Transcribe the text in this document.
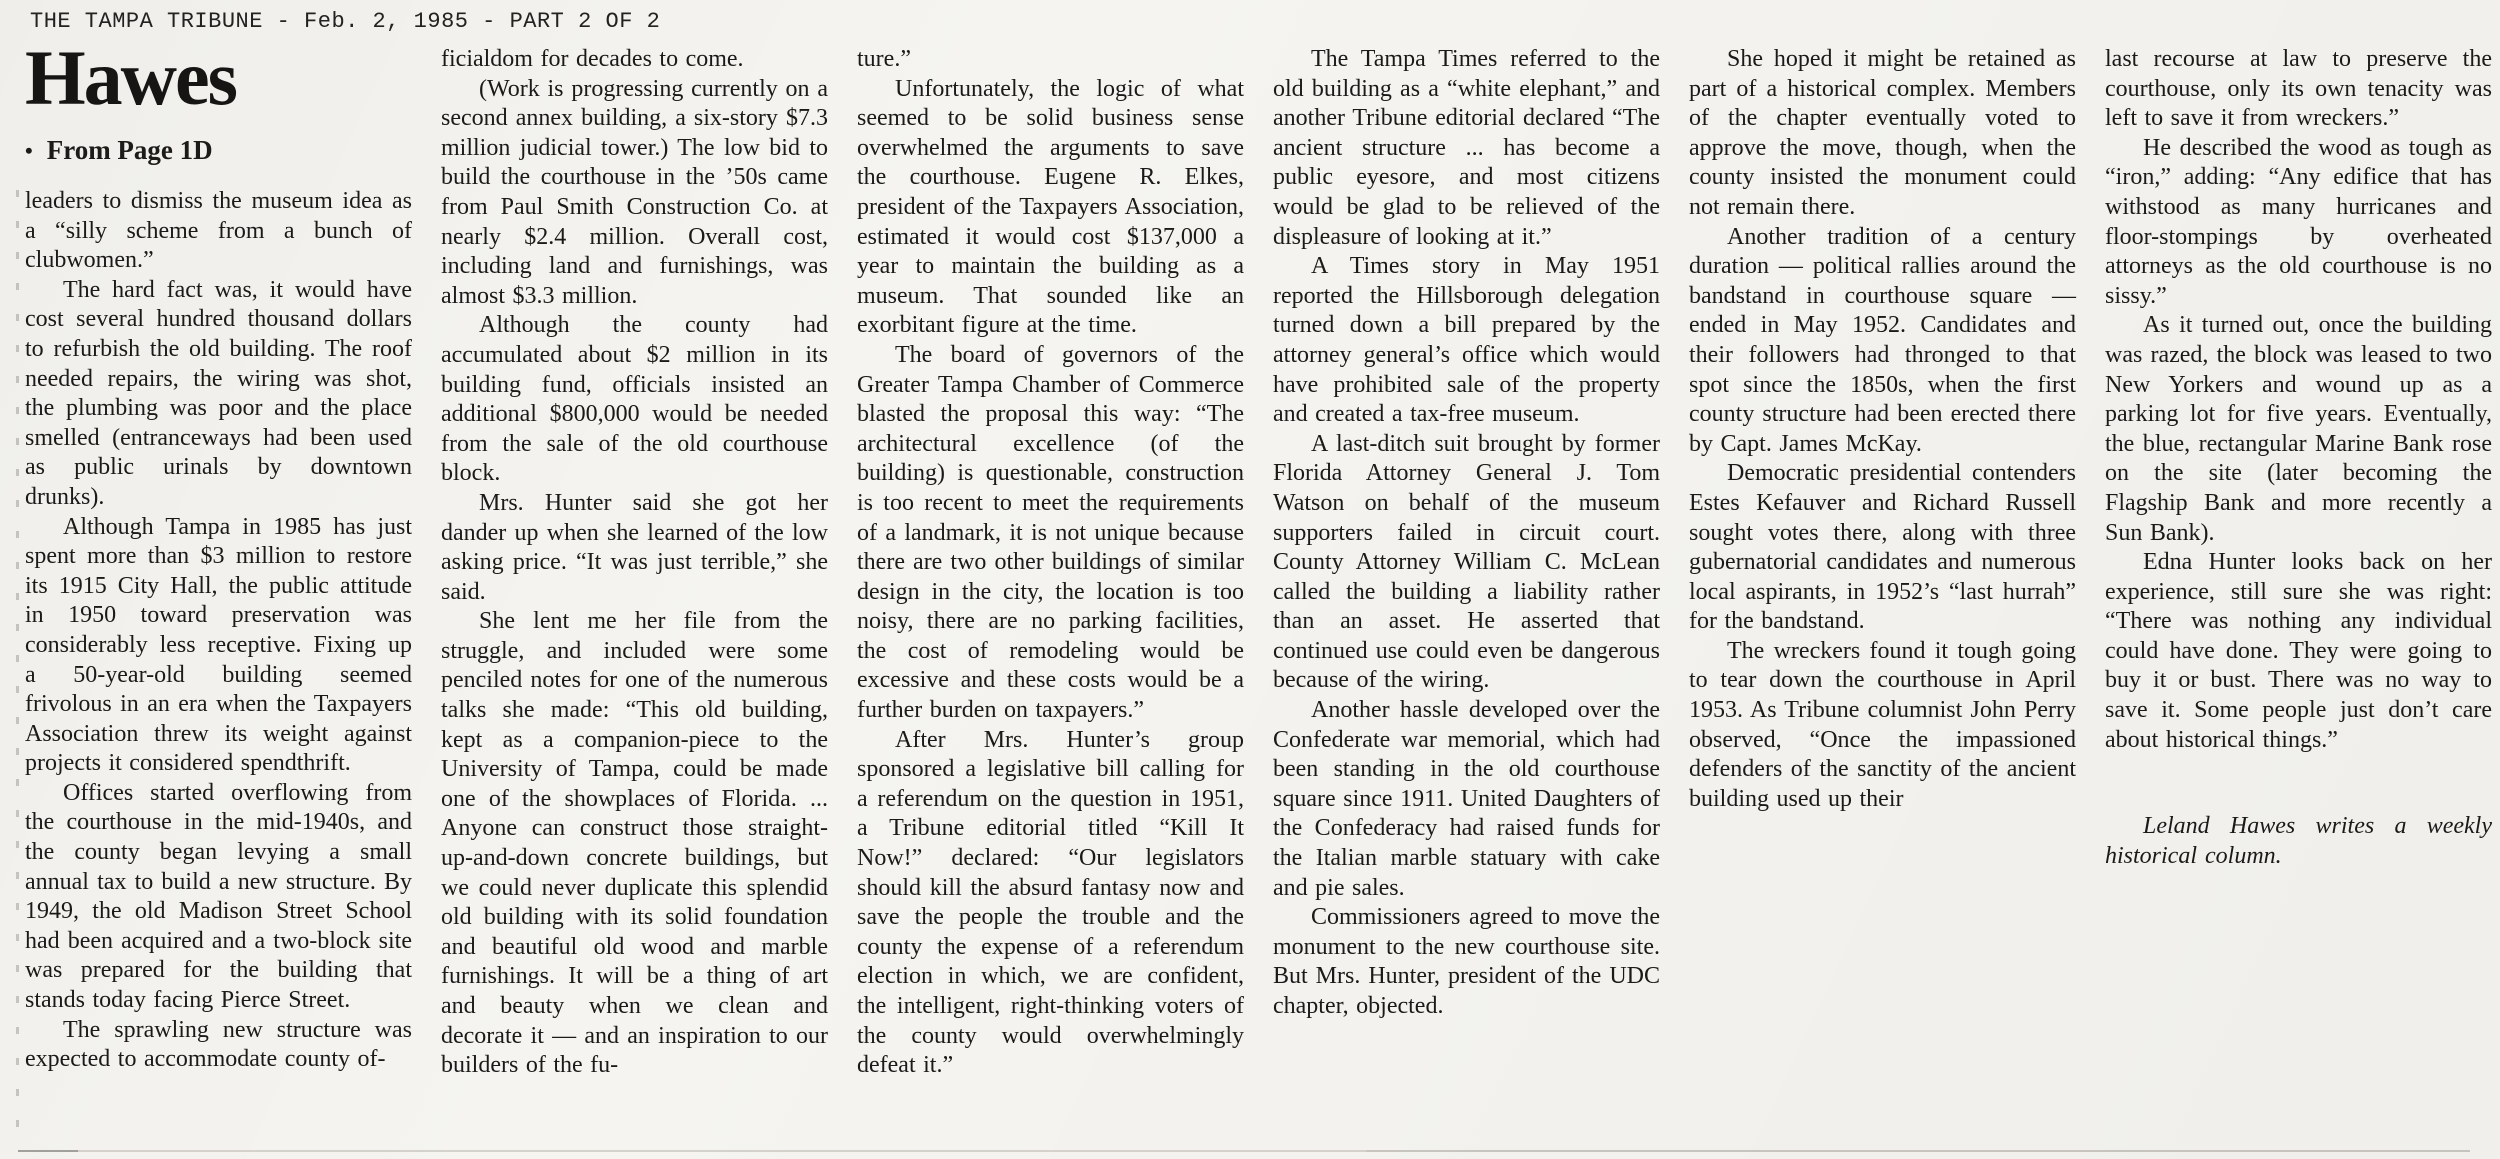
THE TAMPA TRIBUNE - Feb. 2, 1985 - PART 2 OF 2
Hawes
• From Page 1D

leaders to dismiss the museum idea as a “silly scheme from a bunch of clubwomen.”

The hard fact was, it would have cost several hundred thousand dollars to refurbish the old building. The roof needed repairs, the wiring was shot, the plumbing was poor and the place smelled (entranceways had been used as public urinals by downtown drunks).

Although Tampa in 1985 has just spent more than $3 million to restore its 1915 City Hall, the public attitude in 1950 toward preservation was considerably less receptive. Fixing up a 50-year-old building seemed frivolous in an era when the Taxpayers Association threw its weight against projects it considered spendthrift.

Offices started overflowing from the courthouse in the mid-1940s, and the county began levying a small annual tax to build a new structure. By 1949, the old Madison Street School had been acquired and a two-block site was prepared for the building that stands today facing Pierce Street.

The sprawling new structure was expected to accommodate county of-

ficialdom for decades to come.

(Work is progressing currently on a second annex building, a six-story $7.3 million judicial tower.) The low bid to build the courthouse in the ’50s came from Paul Smith Construction Co. at nearly $2.4 million. Overall cost, including land and furnishings, was almost $3.3 million.

Although the county had accumulated about $2 million in its building fund, officials insisted an additional $800,000 would be needed from the sale of the old courthouse block.

Mrs. Hunter said she got her dander up when she learned of the low asking price. “It was just terrible,” she said.

She lent me her file from the struggle, and included were some penciled notes for one of the numerous talks she made: “This old building, kept as a companion-piece to the University of Tampa, could be made one of the showplaces of Florida. ... Anyone can construct those straight-up-and-down concrete buildings, but we could never duplicate this splendid old building with its solid foundation and beautiful old wood and marble furnishings. It will be a thing of art and beauty when we clean and decorate it — and an inspiration to our builders of the fu-

ture.”

Unfortunately, the logic of what seemed to be solid business sense overwhelmed the arguments to save the courthouse. Eugene R. Elkes, president of the Taxpayers Association, estimated it would cost $137,000 a year to maintain the building as a museum. That sounded like an exorbitant figure at the time.

The board of governors of the Greater Tampa Chamber of Commerce blasted the proposal this way: “The architectural excellence (of the building) is questionable, construction is too recent to meet the requirements of a landmark, it is not unique because there are two other buildings of similar design in the city, the location is too noisy, there are no parking facilities, the cost of remodeling would be excessive and these costs would be a further burden on taxpayers.”

After Mrs. Hunter’s group sponsored a legislative bill calling for a referendum on the question in 1951, a Tribune editorial titled “Kill It Now!” declared: “Our legislators should kill the absurd fantasy now and save the people the trouble and the county the expense of a referendum election in which, we are confident, the intelligent, right-thinking voters of the county would overwhelmingly defeat it.”

The Tampa Times referred to the old building as a “white elephant,” and another Tribune editorial declared “The ancient structure ... has become a public eyesore, and most citizens would be glad to be relieved of the displeasure of looking at it.”

A Times story in May 1951 reported the Hillsborough delegation turned down a bill prepared by the attorney general’s office which would have prohibited sale of the property and created a tax-free museum.

A last-ditch suit brought by former Florida Attorney General J. Tom Watson on behalf of the museum supporters failed in circuit court. County Attorney William C. McLean called the building a liability rather than an asset. He asserted that continued use could even be dangerous because of the wiring.

Another hassle developed over the Confederate war memorial, which had been standing in the old courthouse square since 1911. United Daughters of the Confederacy had raised funds for the Italian marble statuary with cake and pie sales.

Commissioners agreed to move the monument to the new courthouse site. But Mrs. Hunter, president of the UDC chapter, objected.

She hoped it might be retained as part of a historical complex. Members of the chapter eventually voted to approve the move, though, when the county insisted the monument could not remain there.

Another tradition of a century duration — political rallies around the bandstand in courthouse square — ended in May 1952. Candidates and their followers had thronged to that spot since the 1850s, when the first county structure had been erected there by Capt. James McKay.

Democratic presidential contenders Estes Kefauver and Richard Russell sought votes there, along with three gubernatorial candidates and numerous local aspirants, in 1952’s “last hurrah” for the bandstand.

The wreckers found it tough going to tear down the courthouse in April 1953. As Tribune columnist John Perry observed, “Once the impassioned defenders of the sanctity of the ancient building used up their

last recourse at law to preserve the courthouse, only its own tenacity was left to save it from wreckers.”

He described the wood as tough as “iron,” adding: “Any edifice that has withstood as many hurricanes and floor-stompings by overheated attorneys as the old courthouse is no sissy.”

As it turned out, once the building was razed, the block was leased to two New Yorkers and wound up as a parking lot for five years. Eventually, the blue, rectangular Marine Bank rose on the site (later becoming the Flagship Bank and more recently a Sun Bank).

Edna Hunter looks back on her experience, still sure she was right: “There was nothing any individual could have done. They were going to buy it or bust. There was no way to save it. Some people just don’t care about historical things.”

Leland Hawes writes a weekly historical column.
